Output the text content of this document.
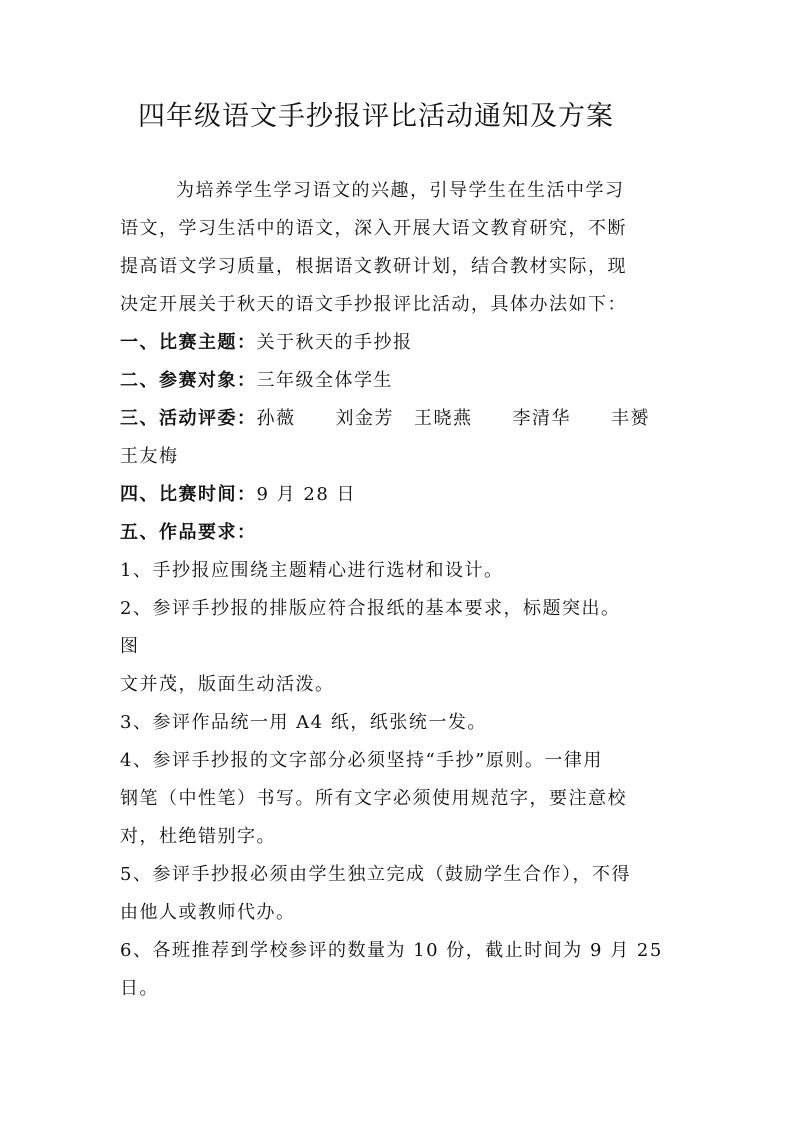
四年级语文手抄报评比活动通知及方案
为培养学生学习语文的兴趣，引导学生在生活中学习
语文，学习生活中的语文，深入开展大语文教育研究，不断
提高语文学习质量，根据语文教研计划，结合教材实际，现
决定开展关于秋天的语文手抄报评比活动，具体办法如下：
一、比赛主题：关于秋天的手抄报
二、参赛对象：三年级全体学生
三、活动评委：孙薇 刘金芳 王晓燕 李清华 丰赟
王友梅
四、比赛时间：9 月 28 日
五、作品要求：
1、手抄报应围绕主题精心进行选材和设计。
2、参评手抄报的排版应符合报纸的基本要求，标题突出。
图
文并茂，版面生动活泼。
3、参评作品统一用 A4 纸，纸张统一发。
4、参评手抄报的文字部分必须坚持“手抄”原则。一律用
钢笔（中性笔）书写。所有文字必须使用规范字，要注意校
对，杜绝错别字。
5、参评手抄报必须由学生独立完成（鼓励学生合作），不得
由他人或教师代办。
6、各班推荐到学校参评的数量为 10 份，截止时间为 9 月 25
日。
